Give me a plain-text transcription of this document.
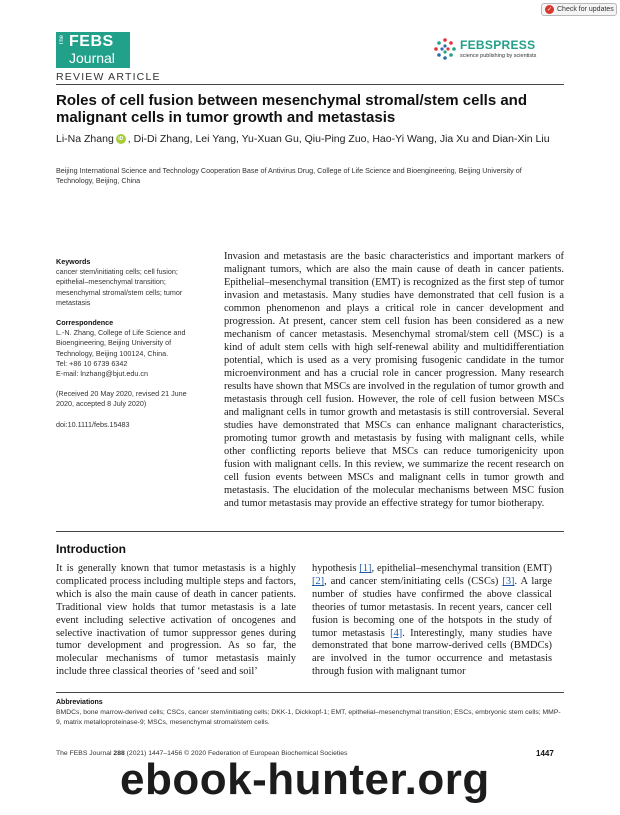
✓ Check for updates
The FEBS
Journal
FEBSPRESS
science publishing by scientists
REVIEW ARTICLE
Roles of cell fusion between mesenchymal stromal/stem cells and malignant cells in tumor growth and metastasis
Li-Na Zhang iD , Di-Di Zhang, Lei Yang, Yu-Xuan Gu, Qiu-Ping Zuo, Hao-Yi Wang, Jia Xu and Dian-Xin Liu
Beijing International Science and Technology Cooperation Base of Antivirus Drug, College of Life Science and Bioengineering, Beijing University of Technology, Beijing, China
Keywords
cancer stem/initiating cells; cell fusion; epithelial–mesenchymal transition; mesenchymal stromal/stem cells; tumor metastasis
Correspondence
L.-N. Zhang, College of Life Science and Bioengineering, Beijing University of Technology, Beijing 100124, China.
Tel: +86 10 6739 6342
E-mail: lnzhang@bjut.edu.cn
(Received 20 May 2020, revised 21 June 2020, accepted 8 July 2020)
doi:10.1111/febs.15483
Invasion and metastasis are the basic characteristics and important markers of malignant tumors, which are also the main cause of death in cancer patients. Epithelial–mesenchymal transition (EMT) is recognized as the first step of tumor invasion and metastasis. Many studies have demonstrated that cell fusion is a common phenomenon and plays a critical role in cancer development and progression. At present, cancer stem cell fusion has been considered as a new mechanism of cancer metastasis. Mesenchymal stromal/stem cell (MSC) is a kind of adult stem cells with high self-renewal ability and multidifferentiation potential, which is used as a very promising fusogenic candidate in the tumor microenvironment and has a crucial role in cancer progression. Many research results have shown that MSCs are involved in the regulation of tumor growth and metastasis through cell fusion. However, the role of cell fusion between MSCs and malignant cells in tumor growth and metastasis is still controversial. Several studies have demonstrated that MSCs can enhance malignant characteristics, promoting tumor growth and metastasis by fusing with malignant cells, while other conflicting reports believe that MSCs can reduce tumorigenicity upon fusion with malignant cells. In this review, we summarize the recent research on cell fusion events between MSCs and malignant cells in tumor growth and metastasis. The elucidation of the molecular mechanisms between MSC fusion and tumor metastasis may provide an effective strategy for tumor biotherapy.
Introduction
It is generally known that tumor metastasis is a highly complicated process including multiple steps and factors, which is also the main cause of death in cancer patients. Traditional view holds that tumor metastasis is a late event including selective activation of oncogenes and selective inactivation of tumor suppressor genes during tumor development and progression. As so far, the molecular mechanisms of tumor metastasis mainly include three classical theories of ‘seed and soil’
hypothesis [1], epithelial–mesenchymal transition (EMT) [2], and cancer stem/initiating cells (CSCs) [3]. A large number of studies have confirmed the above classical theories of tumor metastasis. In recent years, cancer cell fusion is becoming one of the hotspots in the study of tumor metastasis [4]. Interestingly, many studies have demonstrated that bone marrow-derived cells (BMDCs) are involved in the tumor occurrence and metastasis through fusion with malignant tumor
Abbreviations
BMDCs, bone marrow-derived cells; CSCs, cancer stem/initiating cells; DKK-1, Dickkopf-1; EMT, epithelial–mesenchymal transition; ESCs, embryonic stem cells; MMP-9, matrix metalloproteinase-9; MSCs, mesenchymal stromal/stem cells.
The FEBS Journal 288 (2021) 1447–1456 © 2020 Federation of European Biochemical Societies	1447
ebook-hunter.org
